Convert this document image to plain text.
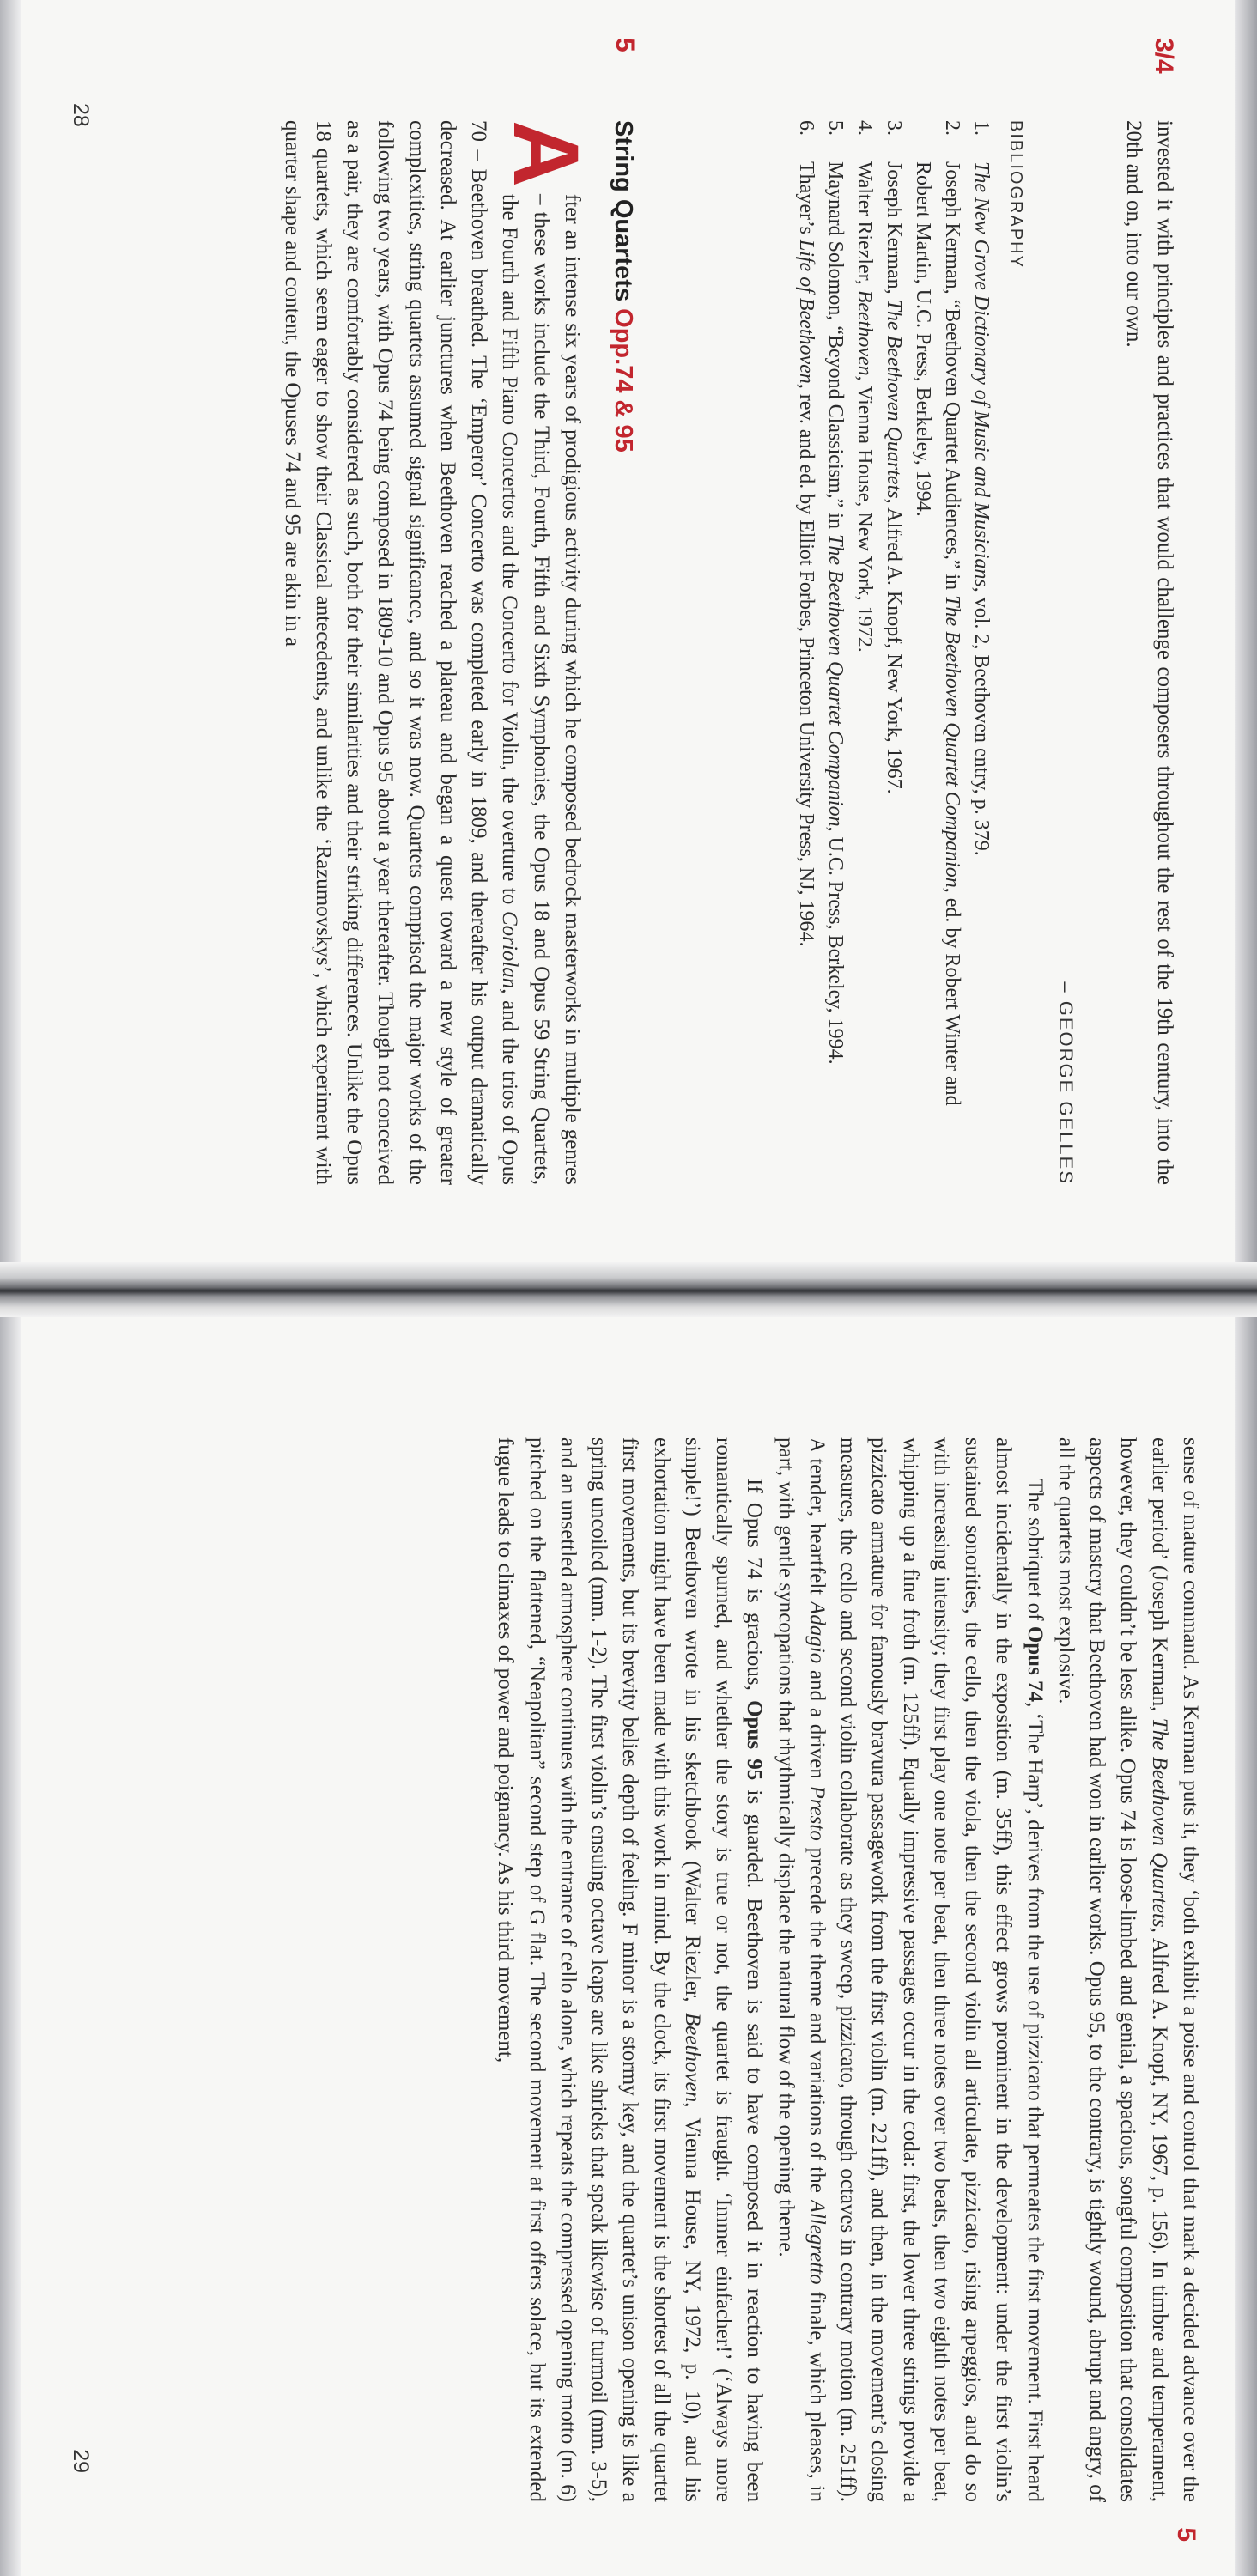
3/4

invested it with principles and practices that would challenge composers throughout the rest of the 19th century, into the 20th and on, into our own.

– GEORGE GELLES
BIBLIOGRAPHY
1.
The New Grove Dictionary of Music and Musicians, vol. 2, Beethoven entry, p. 379.
2.
Joseph Kerman, “Beethoven Quartet Audiences,” in The Beethoven Quartet Companion, ed. by Robert Winter and Robert Martin, U.C. Press, Berkeley, 1994.
3.
Joseph Kerman, The Beethoven Quartets, Alfred A. Knopf, New York, 1967.
4.
Walter Riezler, Beethoven, Vienna House, New York, 1972.
5.
Maynard Solomon, “Beyond Classicism,” in The Beethoven Quartet Companion, U.C. Press, Berkeley, 1994.
6.
Thayer’s Life of Beethoven, rev. and ed. by Elliot Forbes, Princeton University Press, NJ, 1964.
5
String Quartets Opp.74 & 95

A
fter an intense six years of prodigious activity during which he composed bedrock masterworks in multiple genres – these works include the Third, Fourth, Fifth and Sixth Symphonies, the Opus 18 and Opus 59 String Quartets, the Fourth and Fifth Piano Concertos and the Concerto for Violin, the overture to Coriolan, and the trios of Opus 70 – Beethoven breathed. The ‘Emperor’ Concerto was completed early in 1809, and thereafter his output dramatically decreased. At earlier junctures when Beethoven reached a plateau and began a quest toward a new style of greater complexities, string quartets assumed signal significance, and so it was now. Quartets comprised the major works of the following two years, with Opus 74 being composed in 1809-10 and Opus 95 about a year thereafter. Though not conceived as a pair, they are comfortably considered as such, both for their similarities and their striking differences. Unlike the Opus 18 quartets, which seem eager to show their Classical antecedents, and unlike the ‘Razumovskys’, which experiment with quarter shape and content, the Opuses 74 and 95 are akin in a

28
5

sense of mature command. As Kerman puts it, they ‘both exhibit a poise and control that mark a decided advance over the earlier period’ (Joseph Kerman, The Beethoven Quartets, Alfred A. Knopf, NY, 1967, p. 156). In timbre and temperament, however, they couldn’t be less alike. Opus 74 is loose-limbed and genial, a spacious, songful composition that consolidates aspects of mastery that Beethoven had won in earlier works. Opus 95, to the contrary, is tightly wound, abrupt and angry, of all the quartets most explosive.

The sobriquet of Opus 74, ‘The Harp’, derives from the use of pizzicato that permeates the first movement. First heard almost incidentally in the exposition (m. 35ff), this effect grows prominent in the development: under the first violin’s sustained sonorities, the cello, then the viola, then the second violin all articulate, pizzicato, rising arpeggios, and do so with increasing intensity; they first play one note per beat, then three notes over two beats, then two eighth notes per beat, whipping up a fine froth (m. 125ff). Equally impressive passages occur in the coda: first, the lower three strings provide a pizzicato armature for famously bravura passagework from the first violin (m. 221ff), and then, in the movement’s closing measures, the cello and second violin collaborate as they sweep, pizzicato, through octaves in contrary motion (m. 251ff). A tender, heartfelt Adagio and a driven Presto precede the theme and variations of the Allegretto finale, which pleases, in part, with gentle syncopations that rhythmically displace the natural flow of the opening theme.

If Opus 74 is gracious, Opus 95 is guarded. Beethoven is said to have composed it in reaction to having been romantically spurned, and whether the story is true or not, the quartet is fraught. ‘Immer einfacher!’ (‘Always more simple!’) Beethoven wrote in his sketchbook (Walter Riezler, Beethoven, Vienna House, NY, 1972, p. 10), and his exhortation might have been made with this work in mind. By the clock, its first movement is the shortest of all the quartet first movements, but its brevity belies depth of feeling. F minor is a stormy key, and the quartet’s unison opening is like a spring uncoiled (mm. 1-2). The first violin’s ensuing octave leaps are like shrieks that speak likewise of turmoil (mm. 3-5), and an unsettled atmosphere continues with the entrance of cello alone, which repeats the compressed opening motto (m. 6) pitched on the flattened, “Neapolitan” second step of G flat. The second movement at first offers solace, but its extended fugue leads to climaxes of power and poignancy. As his third movement,

29
